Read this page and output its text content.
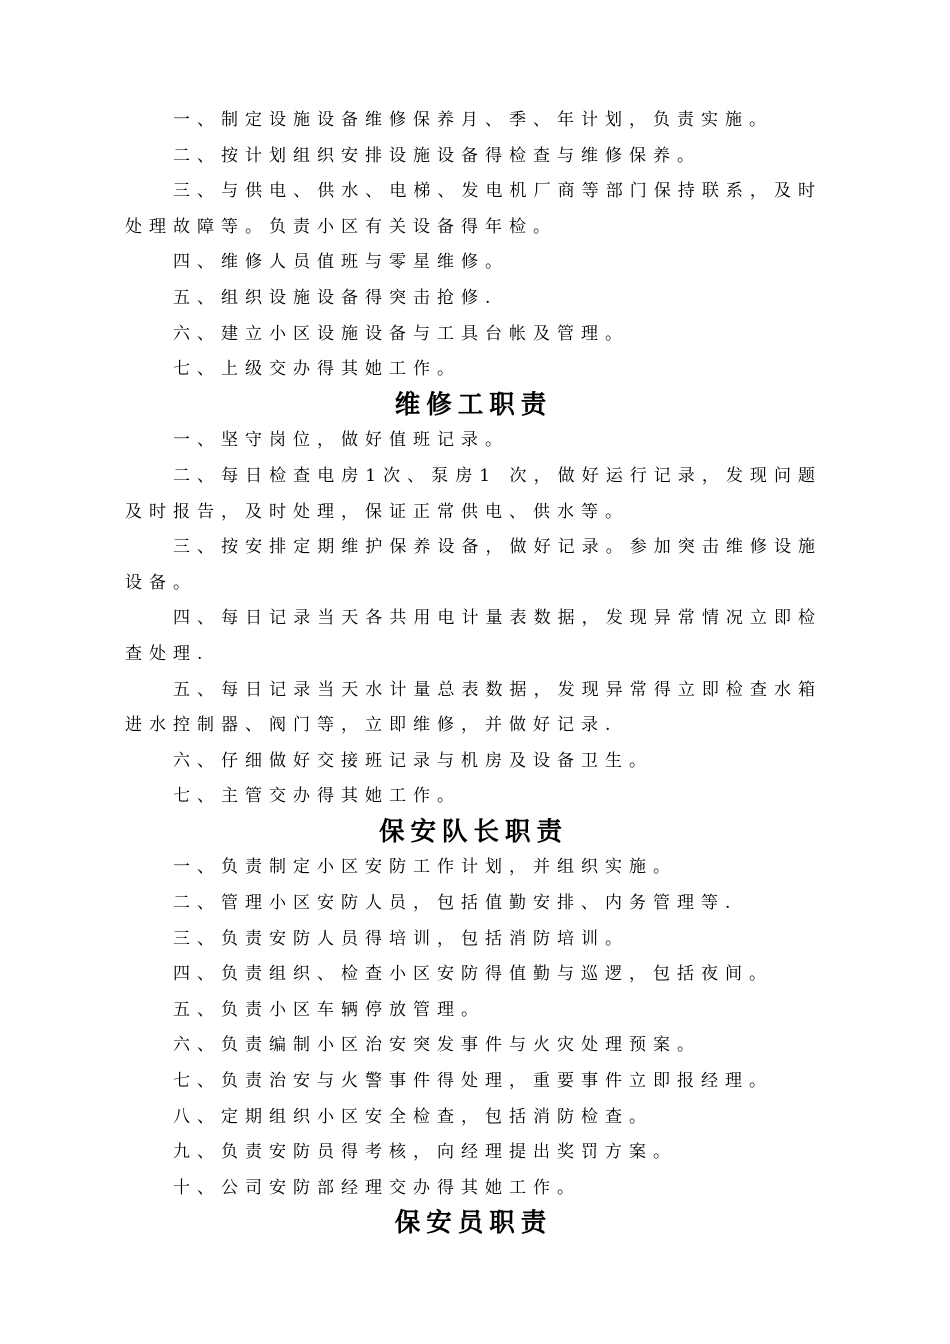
一、制定设施设备维修保养月、季、年计划，负责实施。

二、按计划组织安排设施设备得检查与维修保养。

三、与供电、供水、电梯、发电机厂商等部门保持联系，及时处理故障等。负责小区有关设备得年检。

四、维修人员值班与零星维修。

五、组织设施设备得突击抢修.

六、建立小区设施设备与工具台帐及管理。

七、上级交办得其她工作。

维修工职责

一、坚守岗位，做好值班记录。

二、每日检查电房1次、泵房1 次，做好运行记录，发现问题及时报告，及时处理，保证正常供电、供水等。

三、按安排定期维护保养设备，做好记录。参加突击维修设施设备。

四、每日记录当天各共用电计量表数据，发现异常情况立即检查处理.

五、每日记录当天水计量总表数据，发现异常得立即检查水箱进水控制器、阀门等，立即维修，并做好记录.

六、仔细做好交接班记录与机房及设备卫生。

七、主管交办得其她工作。

保安队长职责

一、负责制定小区安防工作计划，并组织实施。

二、管理小区安防人员，包括值勤安排、内务管理等.

三、负责安防人员得培训，包括消防培训。

四、负责组织、检查小区安防得值勤与巡逻，包括夜间。

五、负责小区车辆停放管理。

六、负责编制小区治安突发事件与火灾处理预案。

七、负责治安与火警事件得处理，重要事件立即报经理。

八、定期组织小区安全检查，包括消防检查。

九、负责安防员得考核，向经理提出奖罚方案。

十、公司安防部经理交办得其她工作。

保安员职责
